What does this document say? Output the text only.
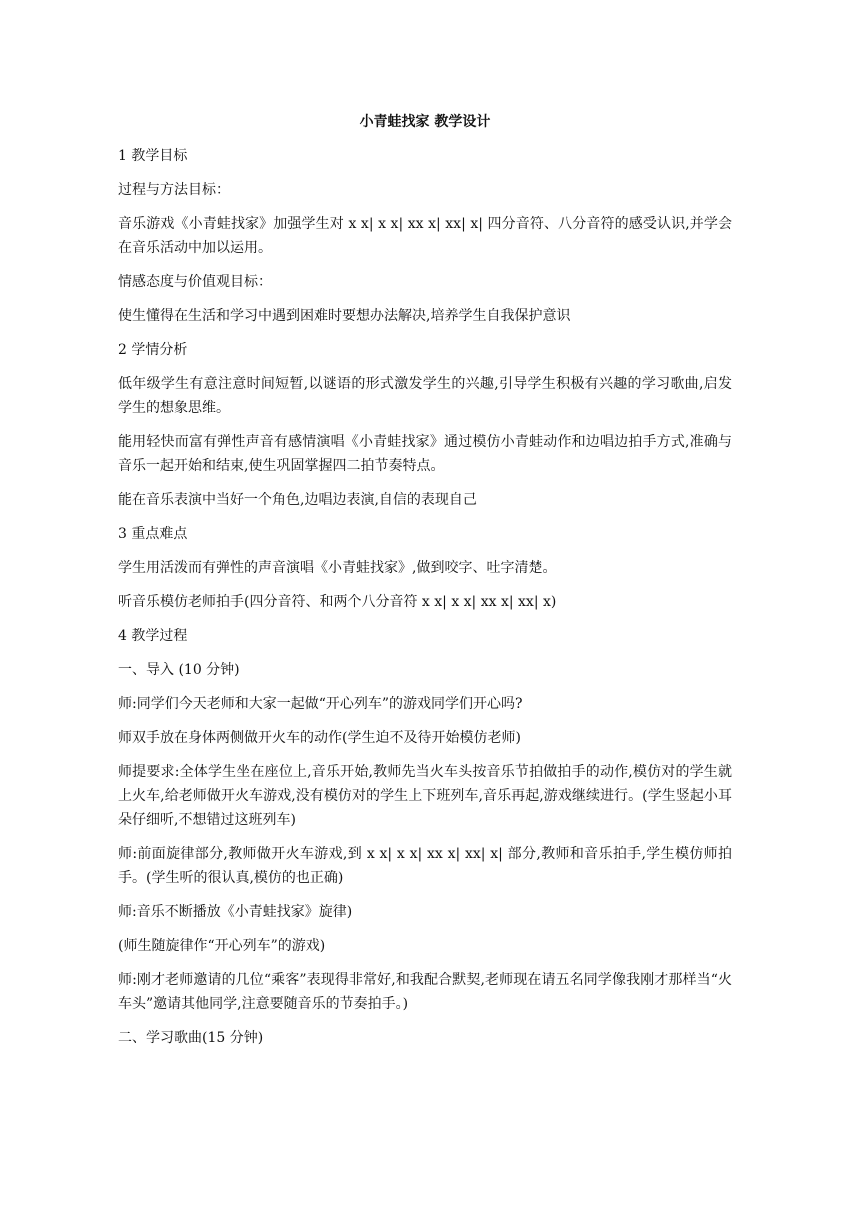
小青蛙找家 教学设计

1 教学目标

过程与方法目标：

音乐游戏《小青蛙找家》加强学生对 x x| x x| xx x| xx| x| 四分音符、八分音符的感受认识,并学会在音乐活动中加以运用。

情感态度与价值观目标：

使生懂得在生活和学习中遇到困难时要想办法解决,培养学生自我保护意识

2 学情分析

低年级学生有意注意时间短暂,以谜语的形式激发学生的兴趣,引导学生积极有兴趣的学习歌曲,启发学生的想象思维。

能用轻快而富有弹性声音有感情演唱《小青蛙找家》通过模仿小青蛙动作和边唱边拍手方式,准确与音乐一起开始和结束,使生巩固掌握四二拍节奏特点。

能在音乐表演中当好一个角色,边唱边表演,自信的表现自己

3 重点难点

学生用活泼而有弹性的声音演唱《小青蛙找家》,做到咬字、吐字清楚。

听音乐模仿老师拍手(四分音符、和两个八分音符 x x| x x| xx x| xx| x)

4 教学过程

一、导入 (10 分钟)

师:同学们今天老师和大家一起做“开心列车”的游戏同学们开心吗?

师双手放在身体两侧做开火车的动作(学生迫不及待开始模仿老师)

师提要求:全体学生坐在座位上,音乐开始,教师先当火车头按音乐节拍做拍手的动作,模仿对的学生就上火车,给老师做开火车游戏,没有模仿对的学生上下班列车,音乐再起,游戏继续进行。(学生竖起小耳朵仔细听,不想错过这班列车)

师:前面旋律部分,教师做开火车游戏,到 x x| x x| xx x| xx| x| 部分,教师和音乐拍手,学生模仿师拍手。(学生听的很认真,模仿的也正确)

师:音乐不断播放《小青蛙找家》旋律)

(师生随旋律作“开心列车”的游戏)

师:刚才老师邀请的几位“乘客”表现得非常好,和我配合默契,老师现在请五名同学像我刚才那样当“火车头”邀请其他同学,注意要随音乐的节奏拍手。)

二、学习歌曲(15 分钟)
